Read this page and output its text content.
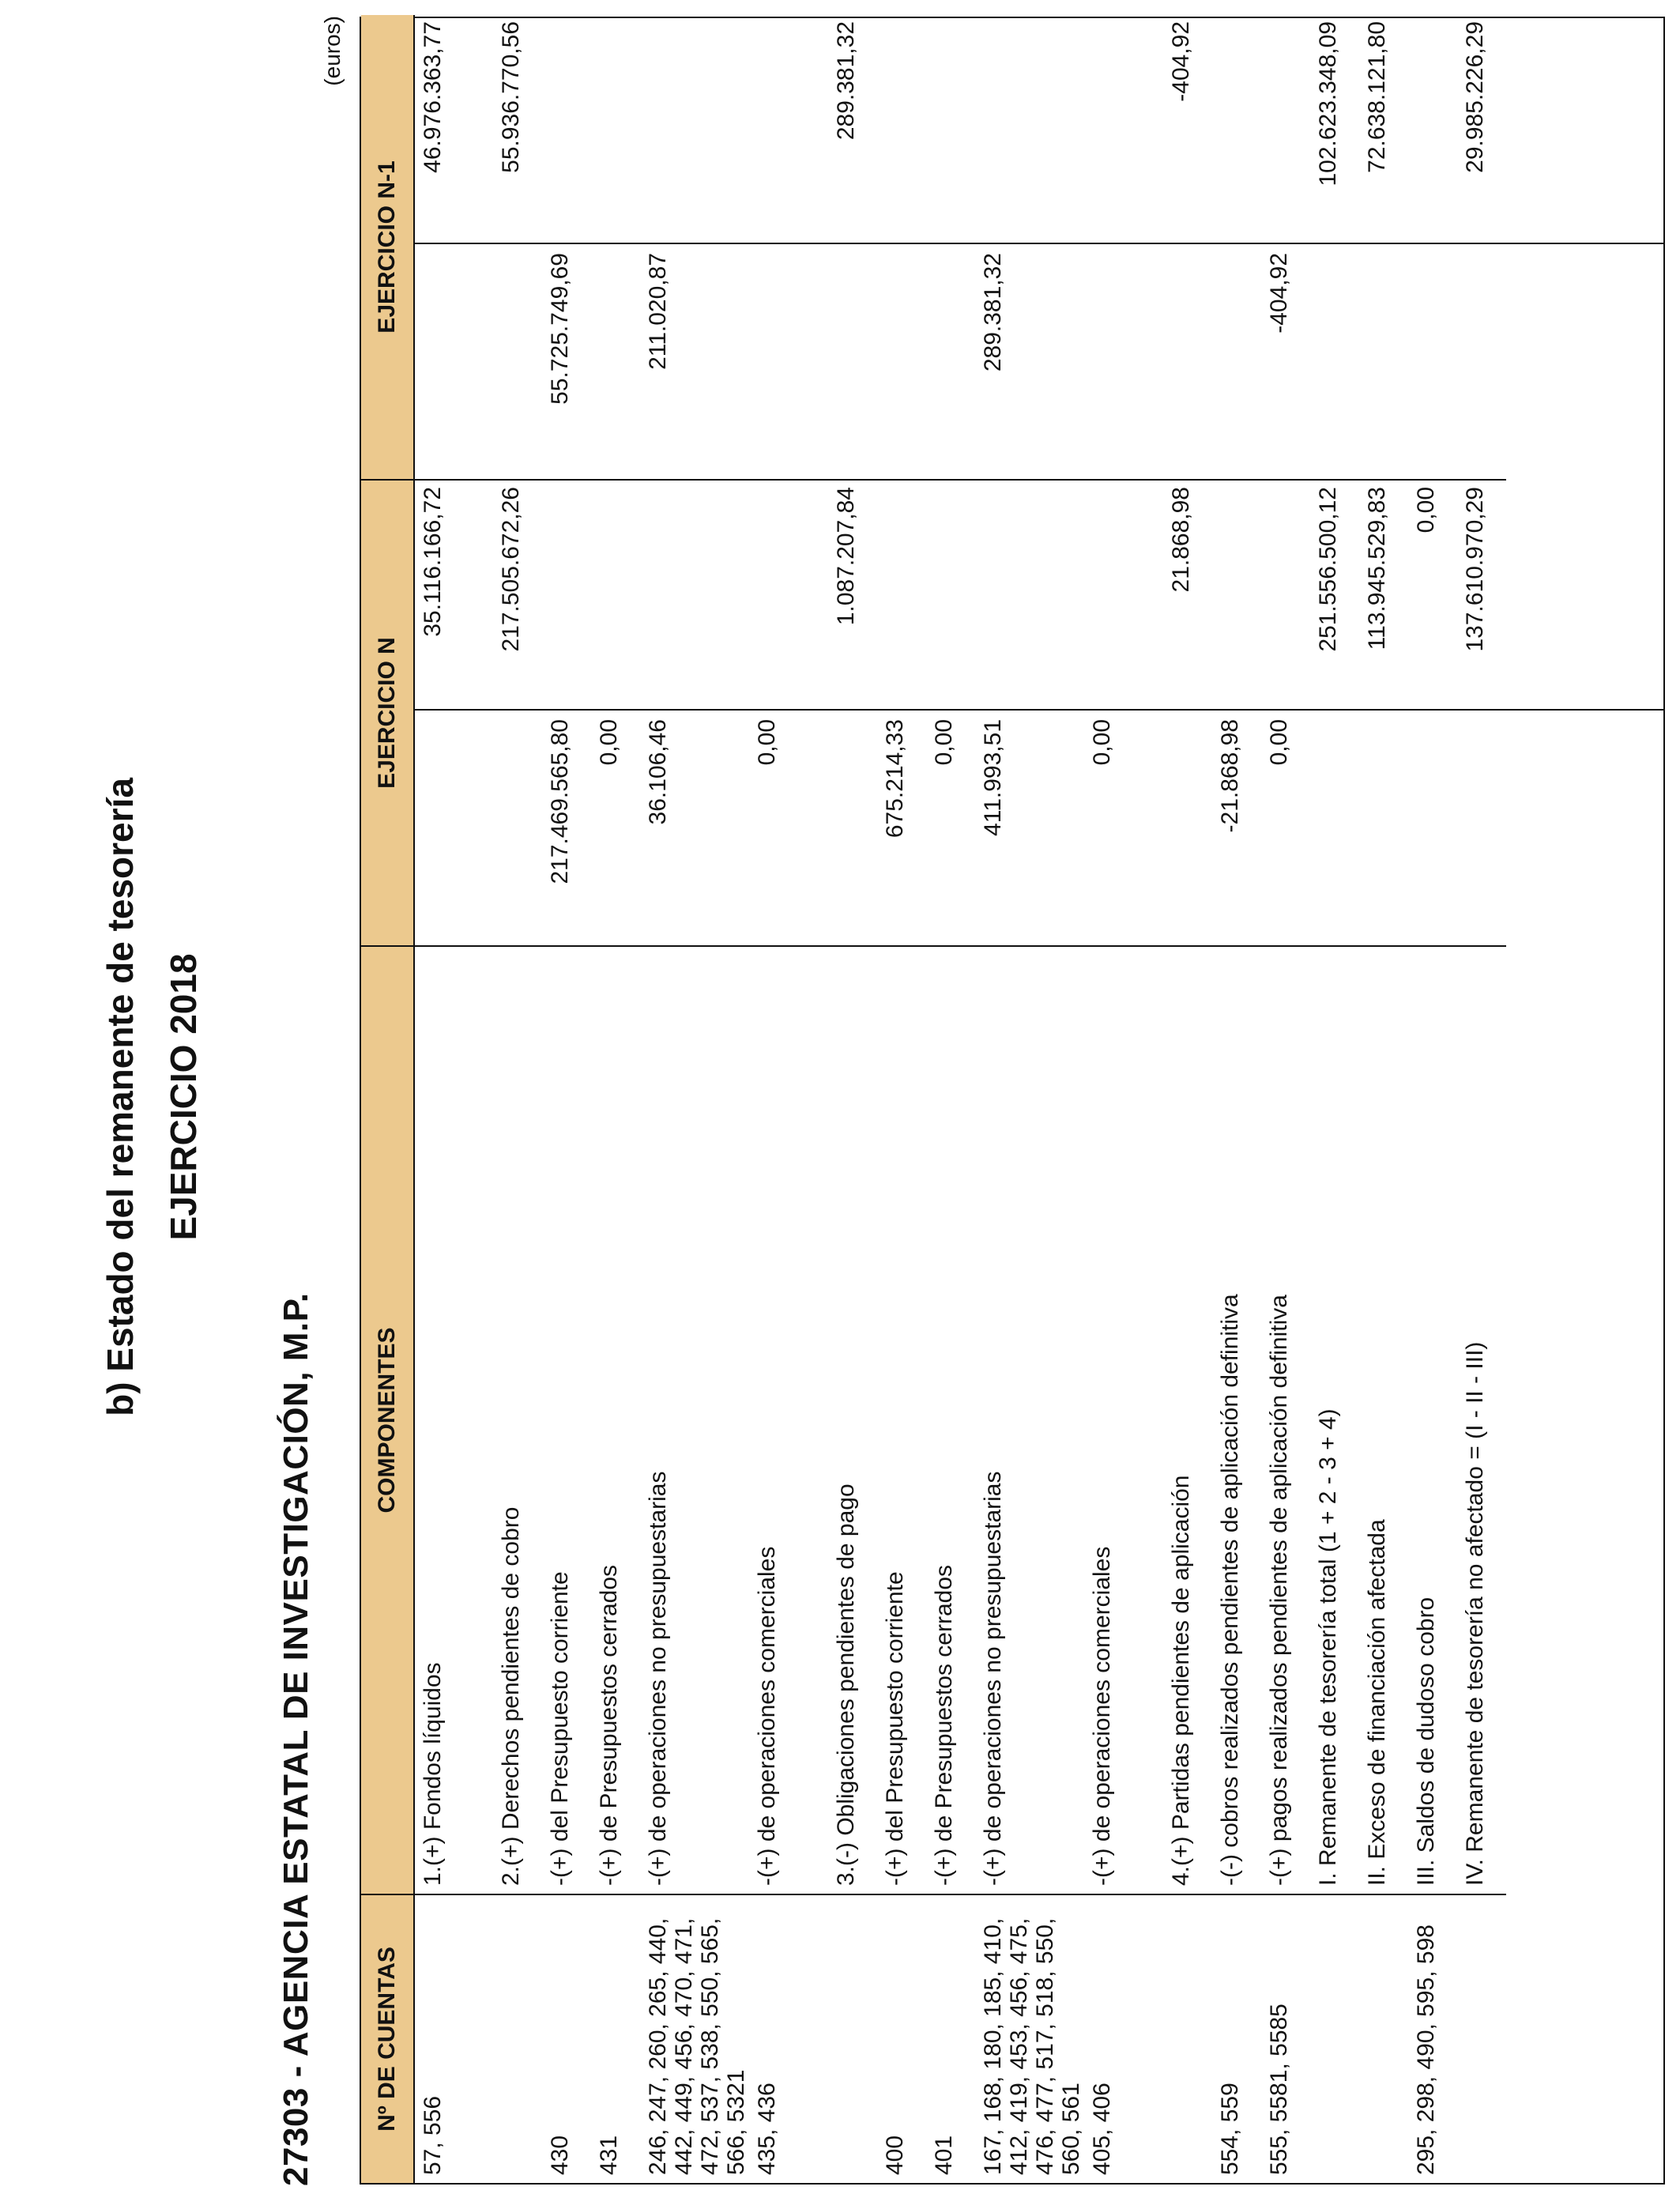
b) Estado del remanente de tesorería EJERCICIO 2018
27303 - AGENCIA ESTATAL DE INVESTIGACIÓN, M.P.
(euros)
Nº DE CUENTAS	COMPONENTES	EJERCICIO N		EJERCICIO N-1	
57, 556	1.(+) Fondos líquidos		35.116.166,72		46.976.363,77

	2.(+) Derechos pendientes de cobro		217.505.672,26		55.936.770,56
430	-(+) del Presupuesto corriente	217.469.565,80		55.725.749,69	
431	-(+) de Presupuestos cerrados	0,00			
246, 247, 260, 265, 440, 442, 449, 456, 470, 471, 472, 537, 538, 550, 565, 566, 5321	-(+) de operaciones no presupuestarias	36.106,46		211.020,87	
435, 436	-(+) de operaciones comerciales	0,00			

	3.(-) Obligaciones pendientes de pago		1.087.207,84		289.381,32
400	-(+) del Presupuesto corriente	675.214,33			
401	-(+) de Presupuestos cerrados	0,00			
167, 168, 180, 185, 410, 412, 419, 453, 456, 475, 476, 477, 517, 518, 550, 560, 561	-(+) de operaciones no presupuestarias	411.993,51		289.381,32	
405, 406	-(+) de operaciones comerciales	0,00			

	4.(+) Partidas pendientes de aplicación		21.868,98		-404,92
554, 559	-(-) cobros realizados pendientes de aplicación definitiva	-21.868,98			
555, 5581, 5585	-(+) pagos realizados pendientes de aplicación definitiva	0,00		-404,92	
	I. Remanente de tesorería total (1 + 2 - 3 + 4)		251.556.500,12		102.623.348,09
	II. Exceso de financiación afectada		113.945.529,83		72.638.121,80
295, 298, 490, 595, 598	III. Saldos de dudoso cobro		0,00		
	IV. Remanente de tesorería no afectado = (I - II - III)		137.610.970,29		29.985.226,29
